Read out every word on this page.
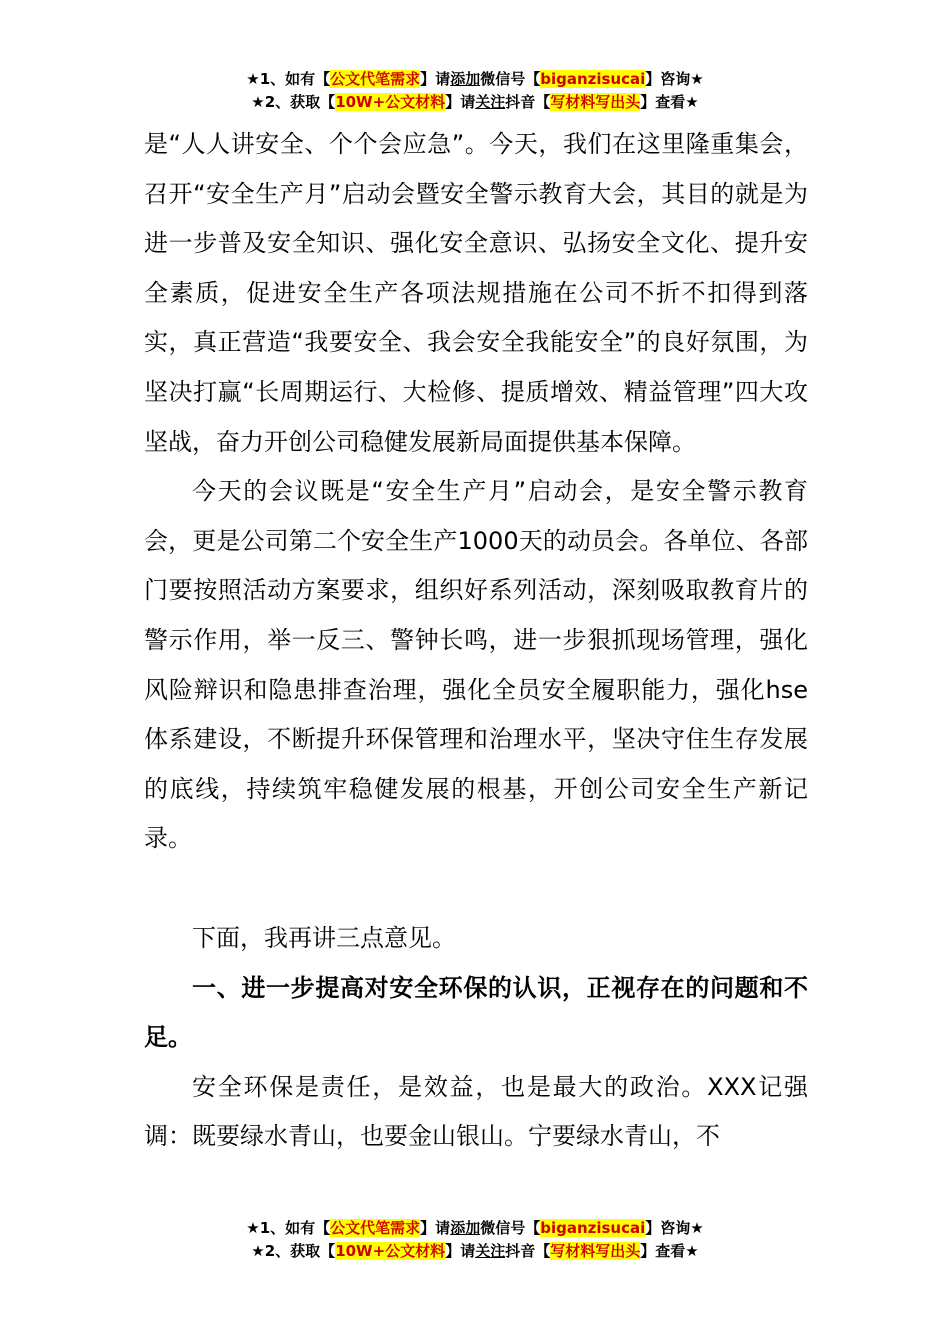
★1、如有【公文代笔需求】请添加微信号【biganzisucai】咨询★
★2、获取【10W+公文材料】请关注抖音【写材料写出头】查看★

是“人人讲安全、个个会应急”。今天，我们在这里隆重集会，召开“安全生产月”启动会暨安全警示教育大会，其目的就是为进一步普及安全知识、强化安全意识、弘扬安全文化、提升安全素质，促进安全生产各项法规措施在公司不折不扣得到落实，真正营造“我要安全、我会安全我能安全”的良好氛围，为坚决打赢“长周期运行、大检修、提质增效、精益管理”四大攻坚战，奋力开创公司稳健发展新局面提供基本保障。

今天的会议既是“安全生产月”启动会，是安全警示教育会，更是公司第二个安全生产1000天的动员会。各单位、各部门要按照活动方案要求，组织好系列活动，深刻吸取教育片的警示作用，举一反三、警钟长鸣，进一步狠抓现场管理，强化风险辩识和隐患排查治理，强化全员安全履职能力，强化hse体系建设，不断提升环保管理和治理水平，坚决守住生存发展的底线，持续筑牢稳健发展的根基，开创公司安全生产新记录。

下面，我再讲三点意见。

一、进一步提高对安全环保的认识，正视存在的问题和不足。

安全环保是责任，是效益，也是最大的政治。XXX记强调：既要绿水青山，也要金山银山。宁要绿水青山，不

★1、如有【公文代笔需求】请添加微信号【biganzisucai】咨询★
★2、获取【10W+公文材料】请关注抖音【写材料写出头】查看★
